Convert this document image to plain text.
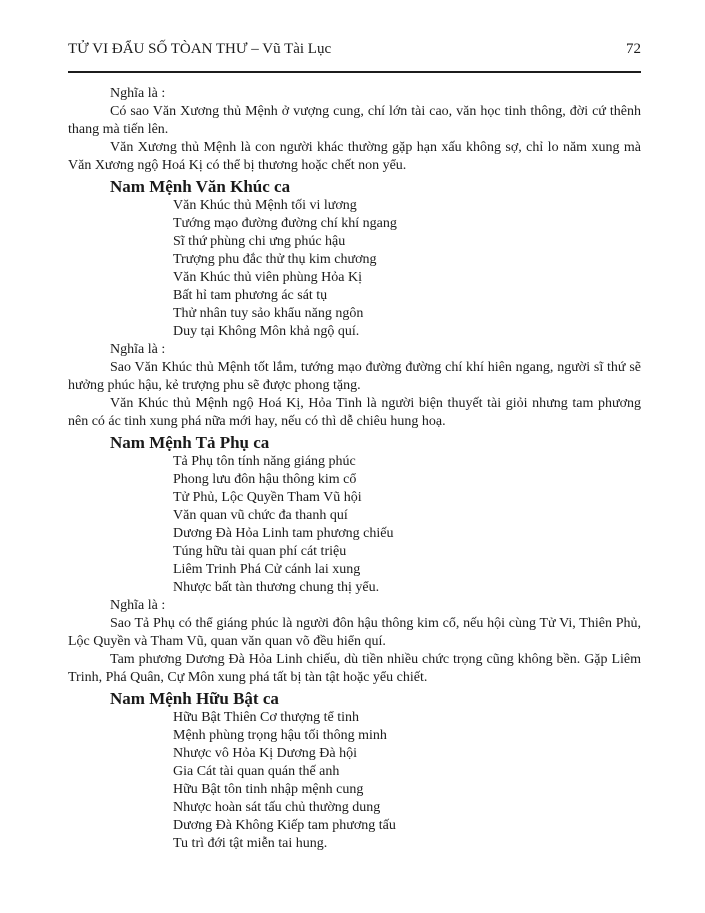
TỬ VI ĐẨU SỐ TÒAN THƯ – Vũ Tài Lục	72

Nghĩa là :

Có sao Văn Xương thủ Mệnh ở vượng cung, chí lớn tài cao, văn học tinh thông, đời cứ thênh thang mà tiến lên.

Văn Xương thủ Mệnh là con người khác thường gặp hạn xấu không sợ, chỉ lo năm xung mà Văn Xương ngộ Hoá Kị có thể bị thương hoặc chết non yểu.

Nam Mệnh Văn Khúc ca
Văn Khúc thủ Mệnh tối vi lương
Tướng mạo đường đường chí khí ngang
Sĩ thứ phùng chi ưng phúc hậu
Trượng phu đắc thử thụ kim chương
Văn Khúc thủ viên phùng Hỏa Kị
Bất hỉ tam phương ác sát tụ
Thử nhân tuy sảo khẩu năng ngôn
Duy tại Không Môn khả ngộ quí.

Nghĩa là :

Sao Văn Khúc thủ Mệnh tốt lắm, tướng mạo đường đường chí khí hiên ngang, người sĩ thứ sẽ hưởng phúc hậu, kẻ trượng phu sẽ được phong tặng.

Văn Khúc thủ Mệnh ngộ Hoá Kị, Hỏa Tinh là người biện thuyết tài giỏi nhưng tam phương nên có ác tinh xung phá nữa mới hay, nếu có thì dễ chiêu hung hoạ.

Nam Mệnh Tả Phụ ca
Tả Phụ tôn tính năng giáng phúc
Phong lưu đôn hậu thông kim cổ
Tử Phủ, Lộc Quyền Tham Vũ hội
Văn quan vũ chức đa thanh quí
Dương Đà Hỏa Linh tam phương chiếu
Túng hữu tài quan phí cát triệu
Liêm Trinh Phá Cử cánh lai xung
Nhược bất tàn thương chung thị yểu.

Nghĩa là :

Sao Tả Phụ có thể giáng phúc là người đôn hậu thông kim cổ, nếu hội cùng Tử Vi, Thiên Phủ, Lộc Quyền và Tham Vũ, quan văn quan võ đều hiển quí.

Tam phương Dương Đà Hỏa Linh chiếu, dù tiền nhiều chức trọng cũng không bền. Gặp Liêm Trinh, Phá Quân, Cự Môn xung phá tất bị tàn tật hoặc yểu chiết.

Nam Mệnh Hữu Bật ca
Hữu Bật Thiên Cơ thượng tể tinh
Mệnh phùng trọng hậu tối thông minh
Nhược vô Hỏa Kị Dương Đà hội
Gia Cát tài quan quán thế anh
Hữu Bật tôn tinh nhập mệnh cung
Nhược hoàn sát tấu chủ thường dung
Dương Đà Không Kiếp tam phương tấu
Tu trì đới tật miễn tai hung.
